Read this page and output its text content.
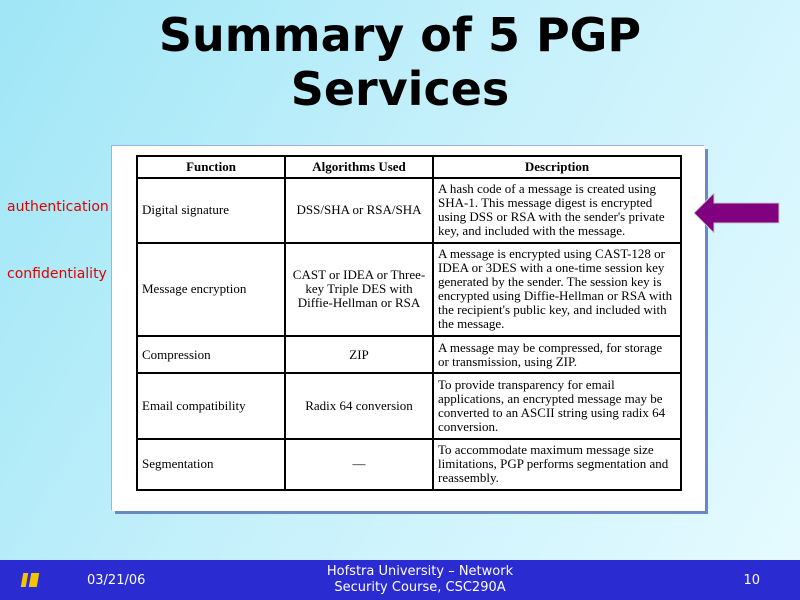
Summary of 5 PGP
Services
authentication
confidentiality
Function	Algorithms Used	Description
Digital signature	DSS/SHA or RSA/SHA	A hash code of a message is created using SHA-1. This message digest is encrypted using DSS or RSA with the sender's private key, and included with the message.
Message encryption	CAST or IDEA or Three-key Triple DES with Diffie-Hellman or RSA	A message is encrypted using CAST-128 or IDEA or 3DES with a one-time session key generated by the sender. The session key is encrypted using Diffie-Hellman or RSA with the recipient's public key, and included with the message.
Compression	ZIP	A message may be compressed, for storage or transmission, using ZIP.
Email compatibility	Radix 64 conversion	To provide transparency for email applications, an encrypted message may be converted to an ASCII string using radix 64 conversion.
Segmentation	—	To accommodate maximum message size limitations, PGP performs segmentation and reassembly.
03/21/06
Hofstra University – Network
Security Course, CSC290A	10
